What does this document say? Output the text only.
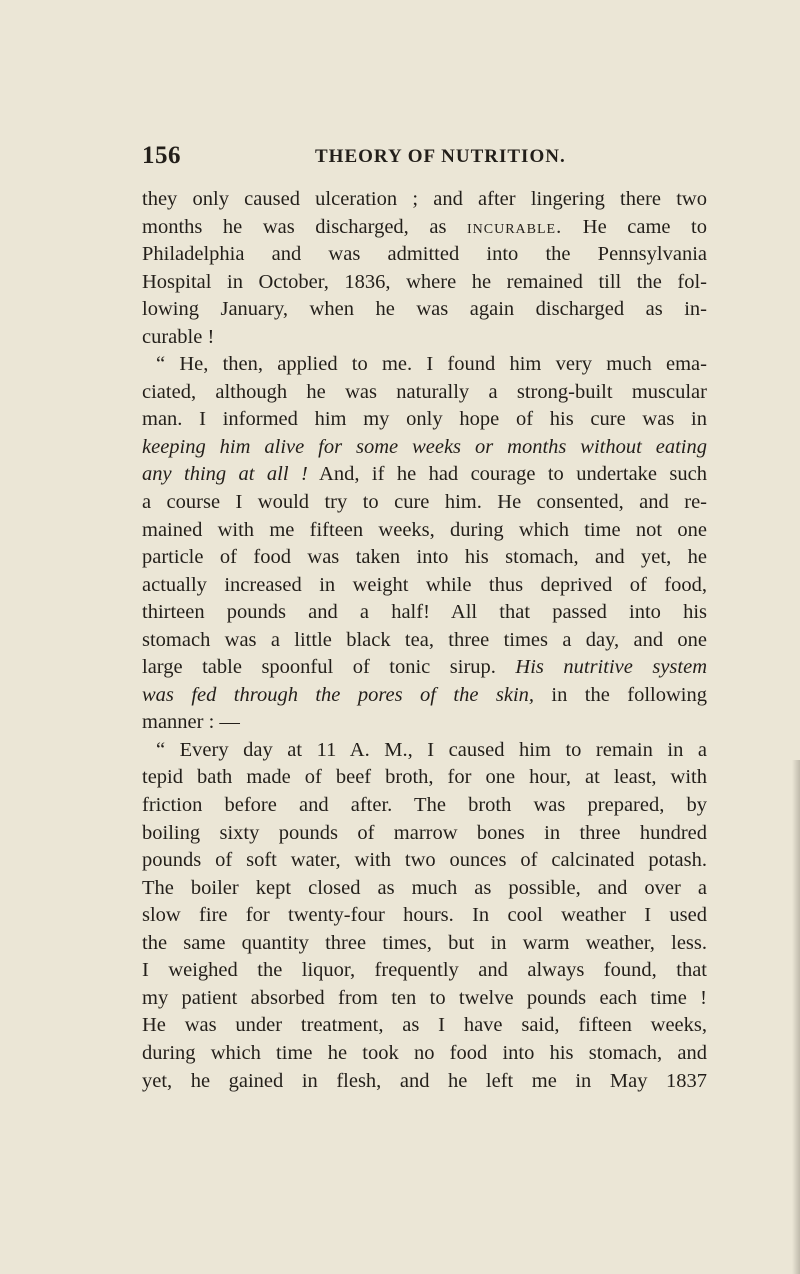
156	THEORY OF NUTRITION.
they only caused ulceration ; and after lingering there two
months he was discharged, as incurable. He came to
Philadelphia and was admitted into the Pennsylvania
Hospital in October, 1836, where he remained till the fol-
lowing January, when he was again discharged as in-
curable !
“ He, then, applied to me. I found him very much ema-
ciated, although he was naturally a strong-built muscular
man. I informed him my only hope of his cure was in
keeping him alive for some weeks or months without eating
any thing at all ! And, if he had courage to undertake such
a course I would try to cure him. He consented, and re-
mained with me fifteen weeks, during which time not one
particle of food was taken into his stomach, and yet, he
actually increased in weight while thus deprived of food,
thirteen pounds and a half! All that passed into his
stomach was a little black tea, three times a day, and one
large table spoonful of tonic sirup. His nutritive system
was fed through the pores of the skin, in the following
manner : —
“ Every day at 11 A. M., I caused him to remain in a
tepid bath made of beef broth, for one hour, at least, with
friction before and after. The broth was prepared, by
boiling sixty pounds of marrow bones in three hundred
pounds of soft water, with two ounces of calcinated potash.
The boiler kept closed as much as possible, and over a
slow fire for twenty-four hours. In cool weather I used
the same quantity three times, but in warm weather, less.
I weighed the liquor, frequently and always found, that
my patient absorbed from ten to twelve pounds each time !
He was under treatment, as I have said, fifteen weeks,
during which time he took no food into his stomach, and
yet, he gained in flesh, and he left me in May 1837
